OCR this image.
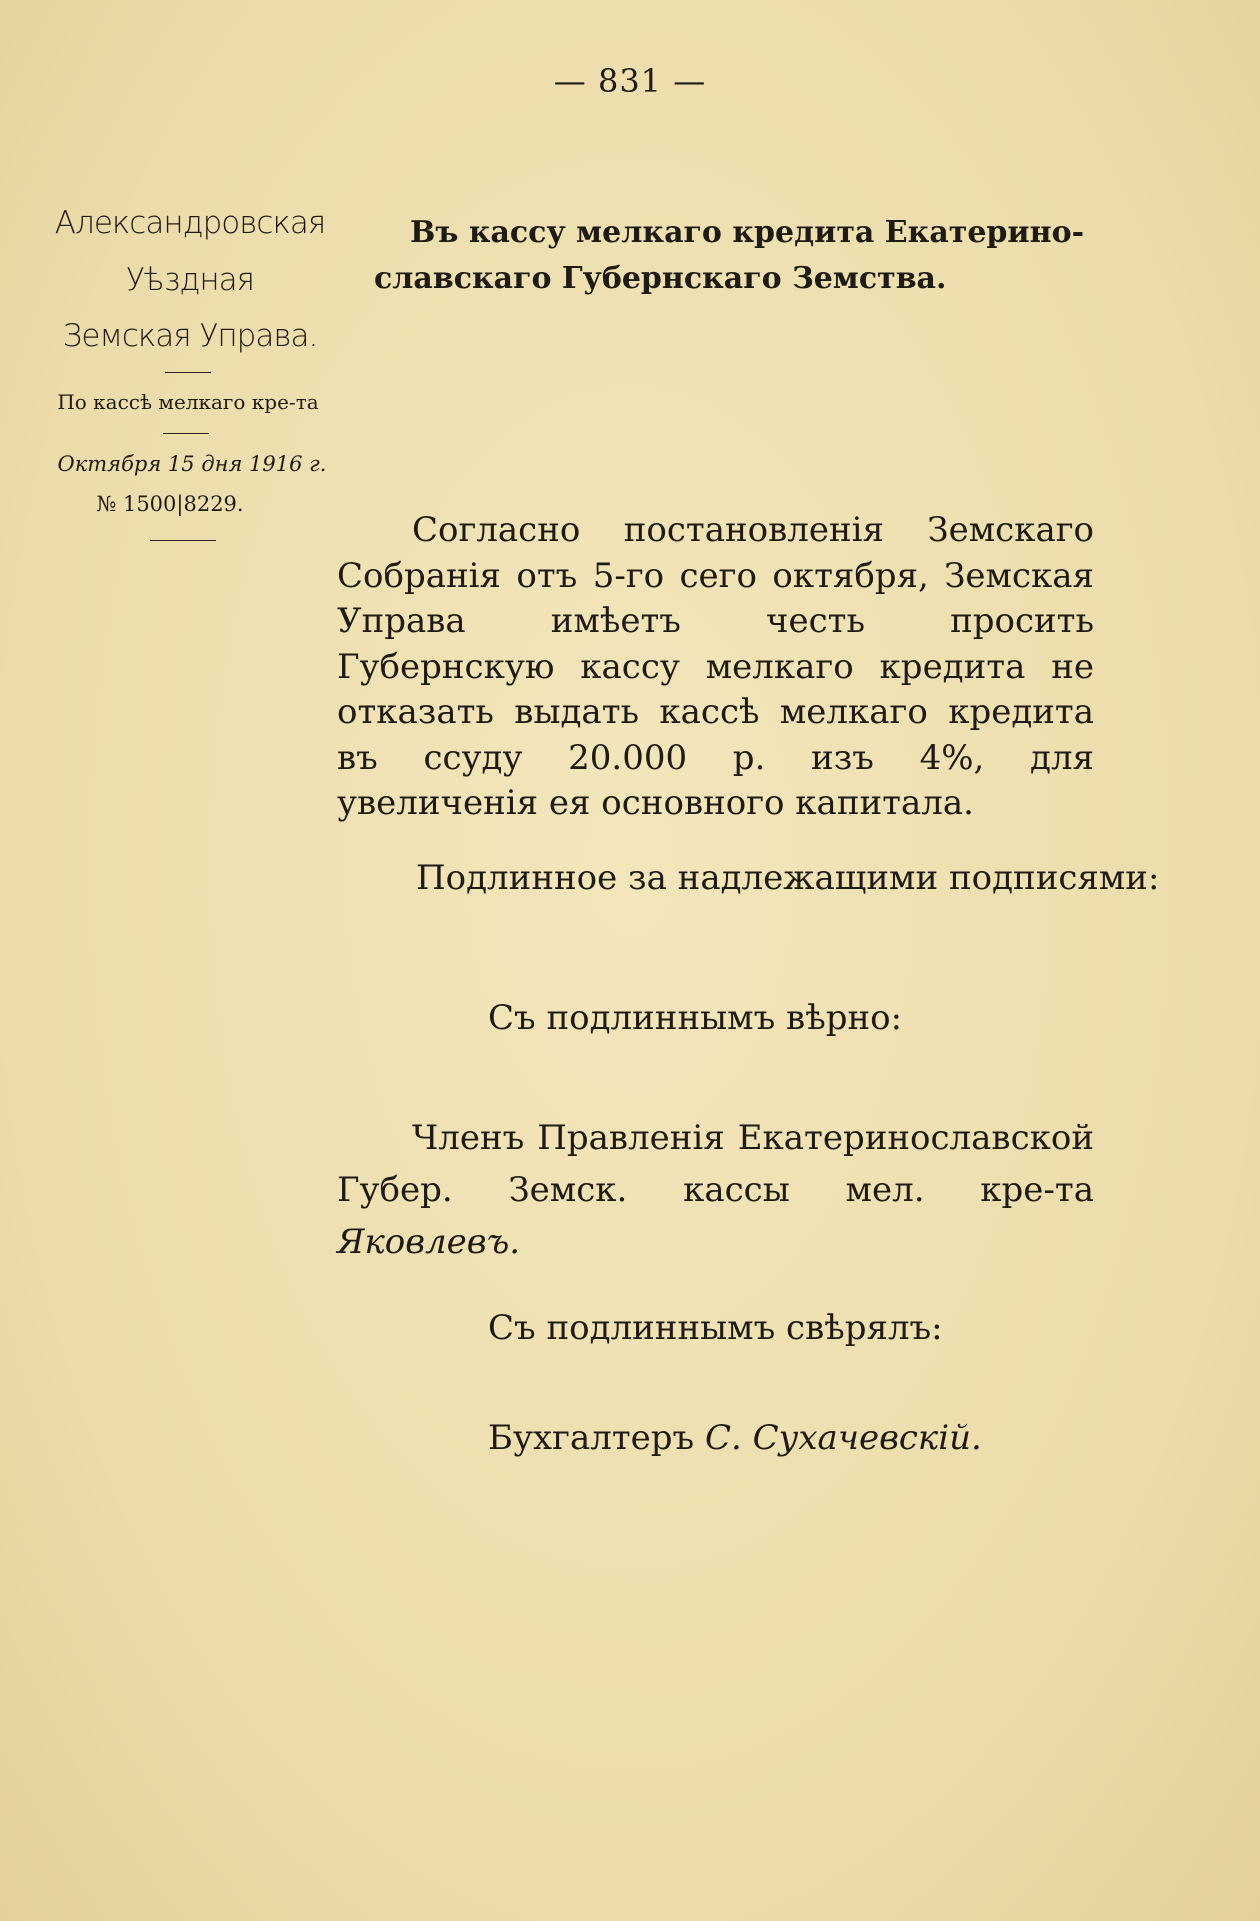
— 831 —
Александровская
Уѣздная
Земская Управа.
По кассѣ мелкаго кре-та
Октября 15 дня 1916 г.
№ 1500|8229.
Въ кассу мелкаго кредита Екатерино-
славскаго Губернскаго Земства.
Согласно постановленія Земскаго Собранія отъ 5-го сего октября, Земская Управа имѣетъ честь просить Губернскую кассу мелкаго кредита не отказать выдать кассѣ мелкаго кредита въ ссуду 20.000 р. изъ 4%, для увеличенія ея основного капитала.
Подлинное за надлежащими подписями:
Съ подлиннымъ вѣрно:
Членъ Правленія Екатеринославской Губер. Земск. кассы мел. кре-та Яковлевъ.
Съ подлиннымъ свѣрялъ:
Бухгалтеръ С. Сухачевскій.
